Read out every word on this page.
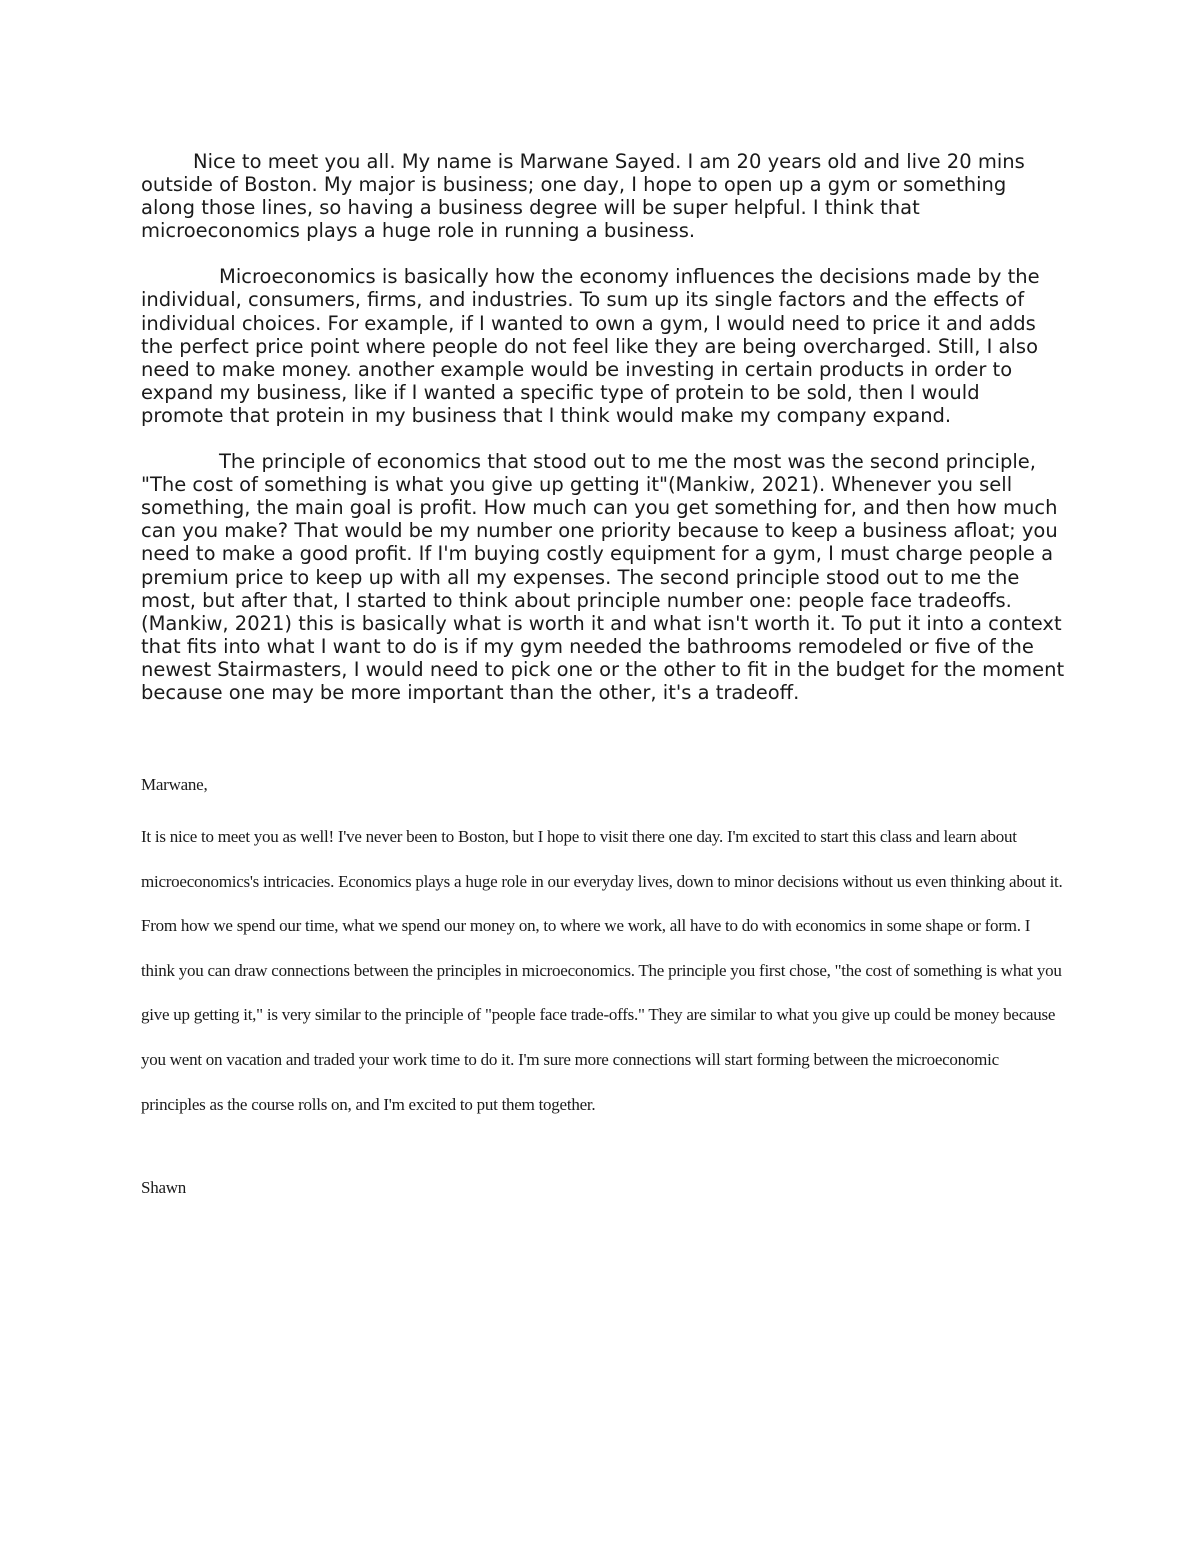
Nice to meet you all. My name is Marwane Sayed. I am 20 years old and live 20 mins outside of Boston. My major is business; one day, I hope to open up a gym or something along those lines, so having a business degree will be super helpful. I think that microeconomics plays a huge role in running a business.

Microeconomics is basically how the economy influences the decisions made by the individual, consumers, firms, and industries. To sum up its single factors and the effects of individual choices. For example, if I wanted to own a gym, I would need to price it and adds the perfect price point where people do not feel like they are being overcharged. Still, I also need to make money. another example would be investing in certain products in order to expand my business, like if I wanted a specific type of protein to be sold, then I would promote that protein in my business that I think would make my company expand.

The principle of economics that stood out to me the most was the second principle, "The cost of something is what you give up getting it"(Mankiw, 2021). Whenever you sell something, the main goal is profit. How much can you get something for, and then how much can you make? That would be my number one priority because to keep a business afloat; you need to make a good profit. If I'm buying costly equipment for a gym, I must charge people a premium price to keep up with all my expenses. The second principle stood out to me the most, but after that, I started to think about principle number one: people face tradeoffs. (Mankiw, 2021) this is basically what is worth it and what isn't worth it. To put it into a context that fits into what I want to do is if my gym needed the bathrooms remodeled or five of the newest Stairmasters, I would need to pick one or the other to fit in the budget for the moment because one may be more important than the other, it's a tradeoff.

Marwane,

It is nice to meet you as well! I've never been to Boston, but I hope to visit there one day. I'm excited to start this class and learn about microeconomics's intricacies. Economics plays a huge role in our everyday lives, down to minor decisions without us even thinking about it. From how we spend our time, what we spend our money on, to where we work, all have to do with economics in some shape or form. I think you can draw connections between the principles in microeconomics. The principle you first chose, "the cost of something is what you give up getting it," is very similar to the principle of "people face trade-offs." They are similar to what you give up could be money because you went on vacation and traded your work time to do it. I'm sure more connections will start forming between the microeconomic principles as the course rolls on, and I'm excited to put them together.

Shawn
